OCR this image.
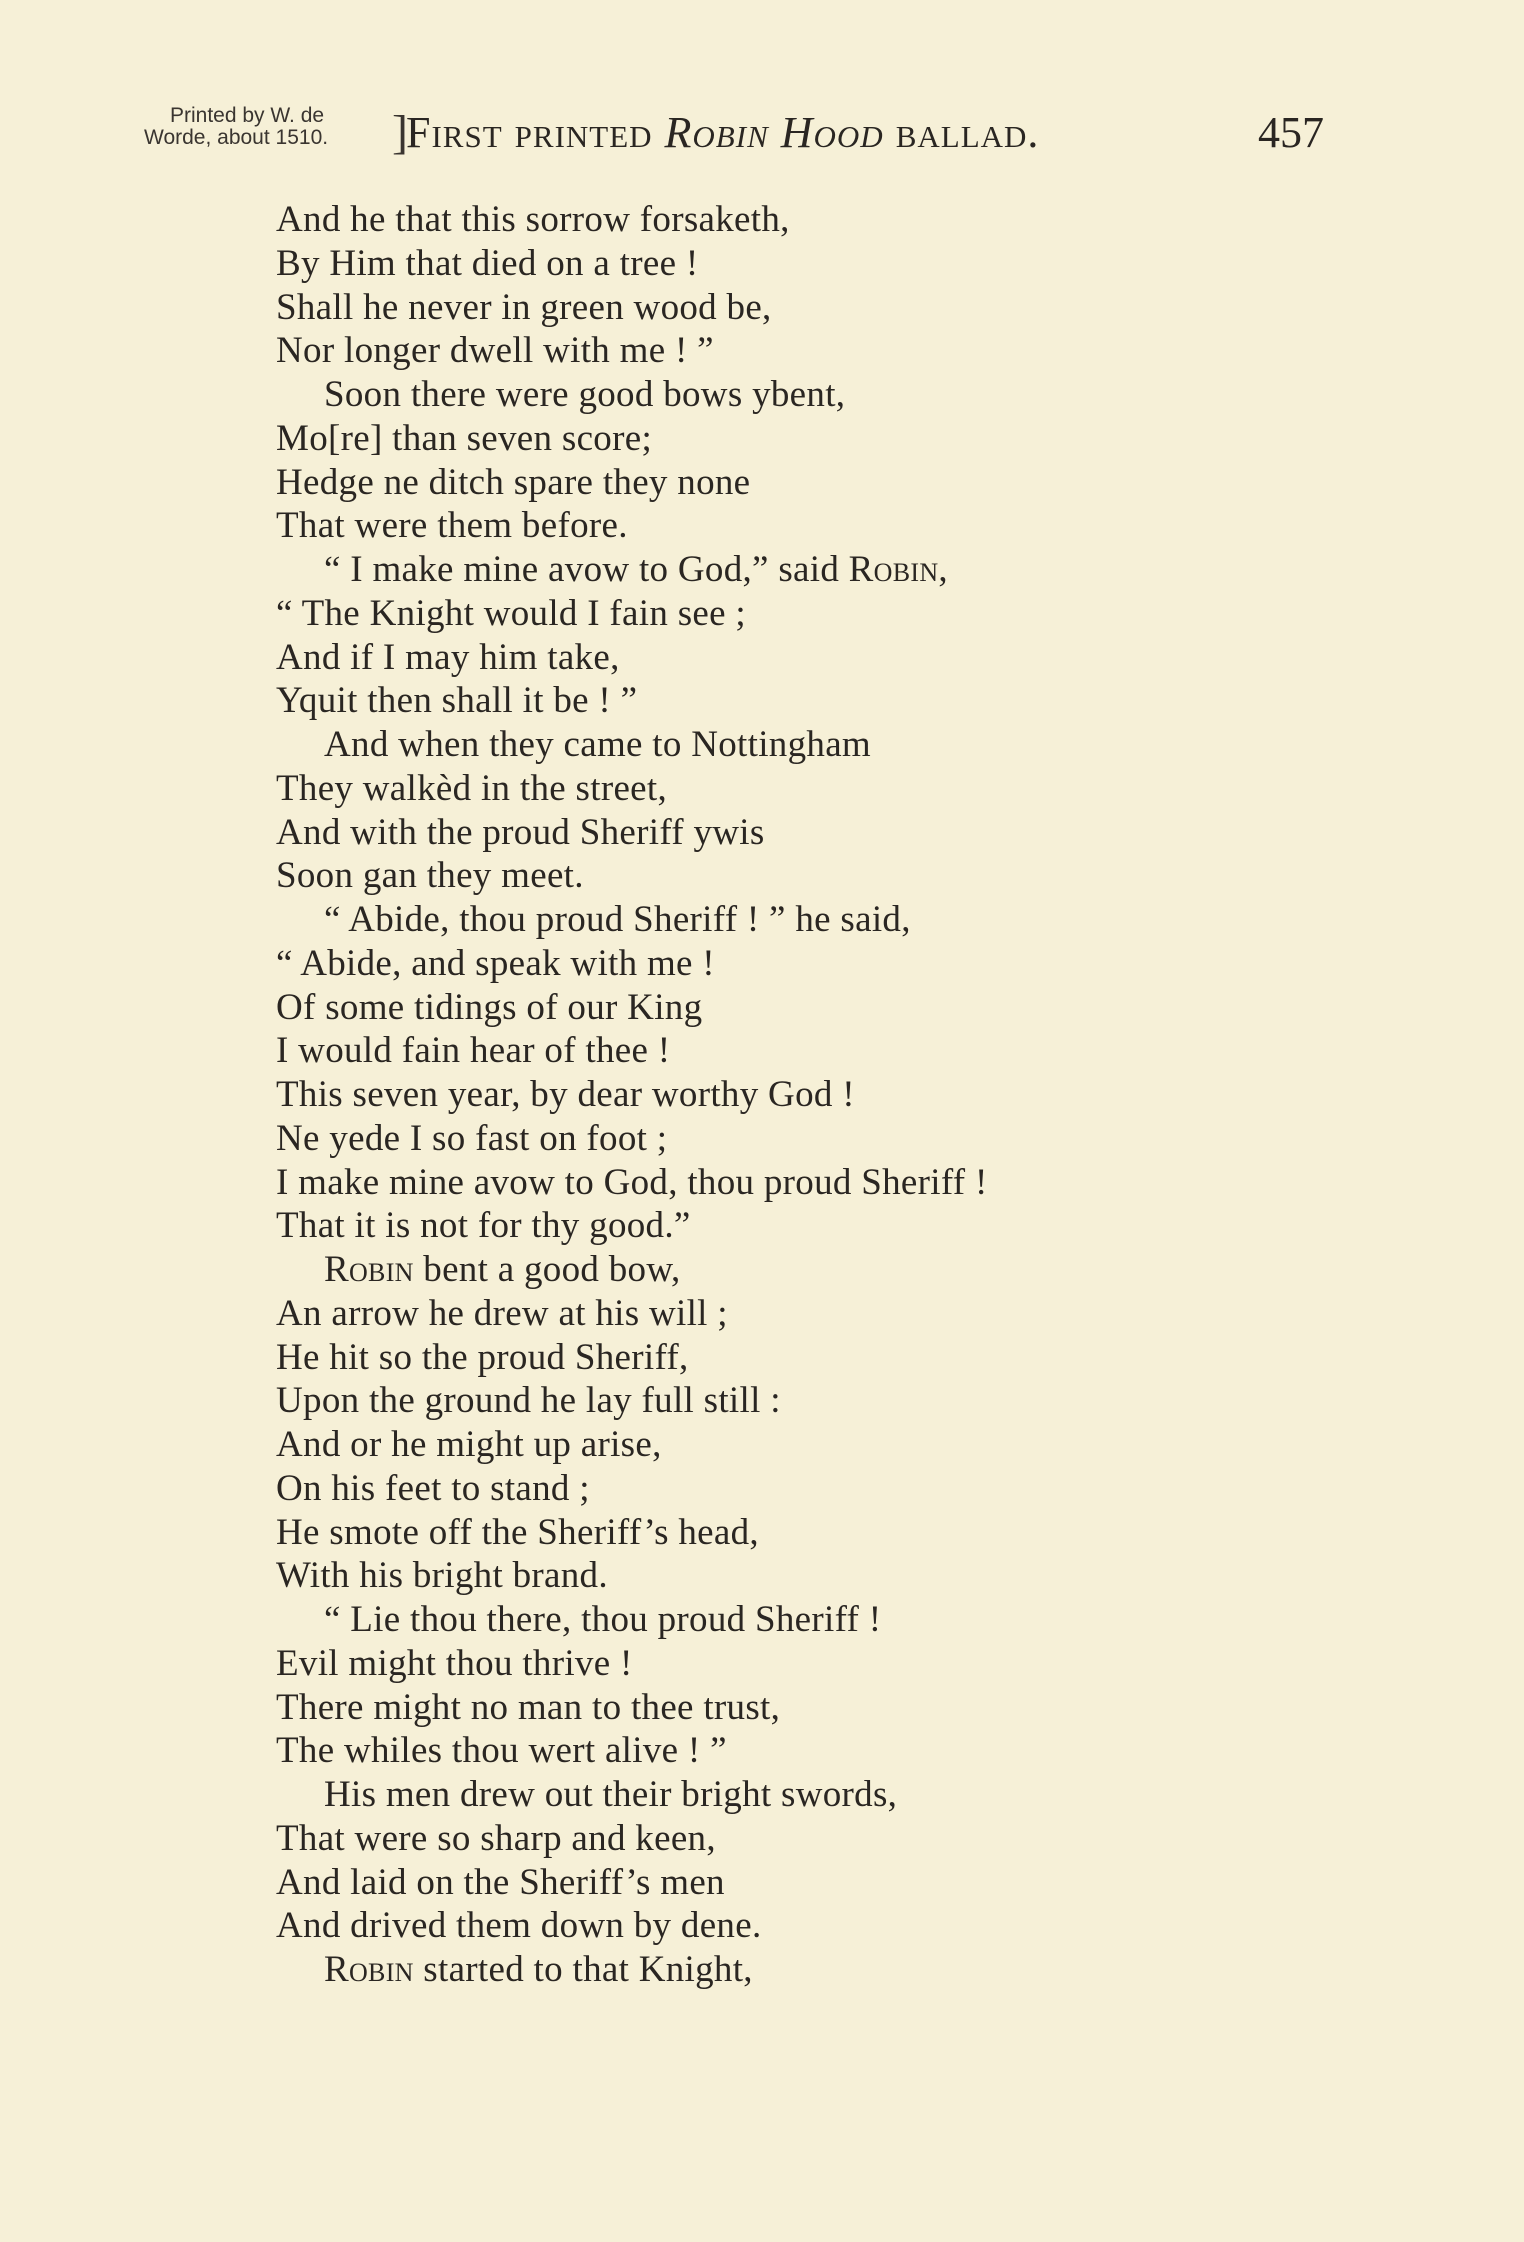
Printed by W. de
Worde, about 1510.	]
First printed Robin Hood ballad.	457
And he that this sorrow forsaketh,
By Him that died on a tree !
Shall he never in green wood be,
Nor longer dwell with me ! ”
Soon there were good bows ybent,
Mo[re] than seven score;
Hedge ne ditch spare they none
That were them before.
“ I make mine avow to God,” said Robin,
“ The Knight would I fain see ;
And if I may him take,
Yquit then shall it be ! ”
And when they came to Nottingham
They walkèd in the street,
And with the proud Sheriff ywis
Soon gan they meet.
“ Abide, thou proud Sheriff ! ” he said,
“ Abide, and speak with me !
Of some tidings of our King
I would fain hear of thee !
This seven year, by dear worthy God !
Ne yede I so fast on foot ;
I make mine avow to God, thou proud Sheriff !
That it is not for thy good.”
Robin bent a good bow,
An arrow he drew at his will ;
He hit so the proud Sheriff,
Upon the ground he lay full still :
And or he might up arise,
On his feet to stand ;
He smote off the Sheriff’s head,
With his bright brand.
“ Lie thou there, thou proud Sheriff !
Evil might thou thrive !
There might no man to thee trust,
The whiles thou wert alive ! ”
His men drew out their bright swords,
That were so sharp and keen,
And laid on the Sheriff’s men
And drived them down by dene.
Robin started to that Knight,
